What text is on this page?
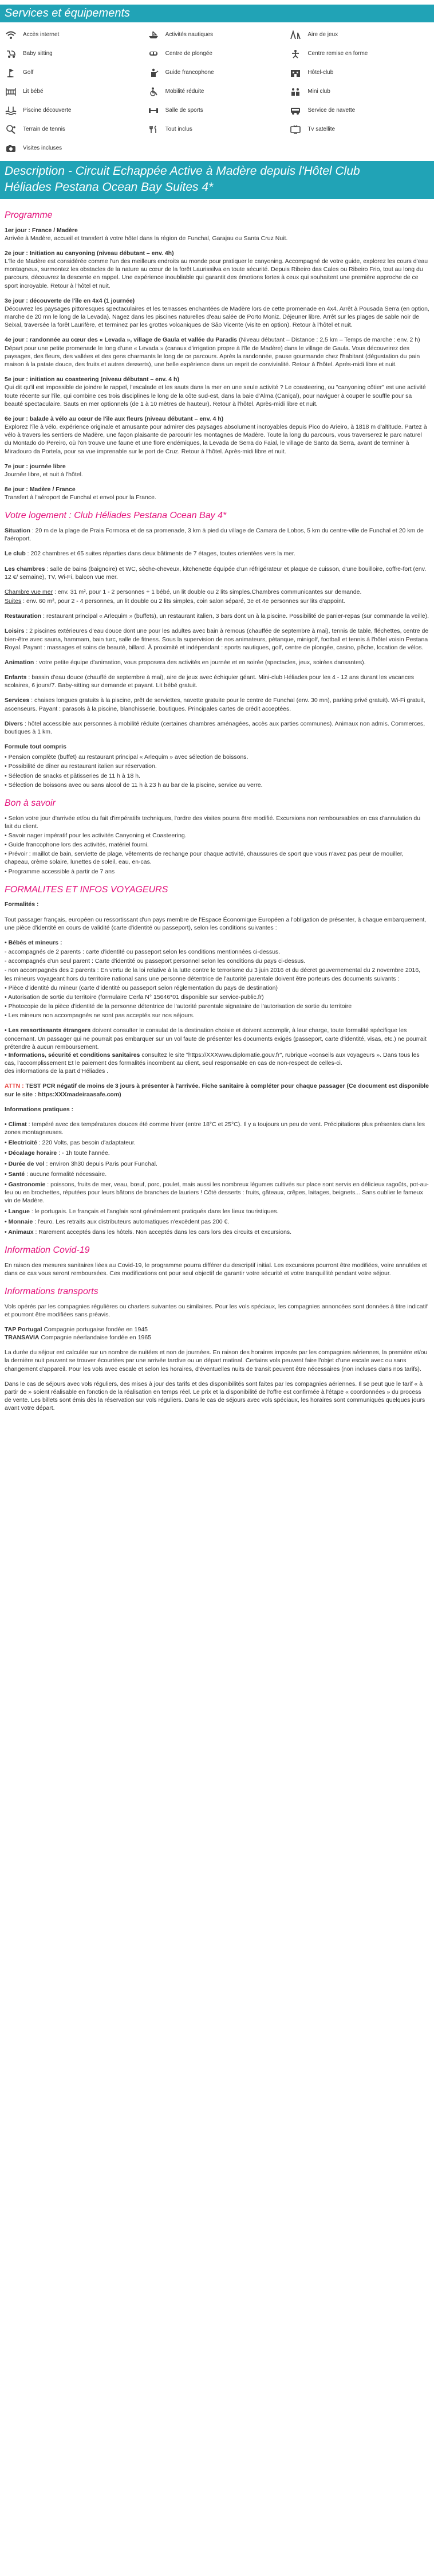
Services et équipements
Accès internet	Activités nautiques	Aire de jeux
Baby sitting	Centre de plongée	Centre remise en forme
Golf	Guide francophone	Hôtel-club
Lit bébé	Mobilité réduite	Mini club
Piscine découverte	Salle de sports	Service de navette
Terrain de tennis	Tout inclus	Tv satellite
Visites incluses
Description - Circuit Echappée Active à Madère depuis l'Hôtel Club
Héliades Pestana Ocean Bay Suites 4*
Programme

1er jour : France / Madère
Arrivée à Madère, accueil et transfert à votre hôtel dans la région de Funchal, Garajau ou Santa Cruz Nuit.

2e jour : Initiation au canyoning (niveau débutant – env. 4h)
L'île de Madère est considérée comme l'un des meilleurs endroits au monde pour pratiquer le canyoning. Accompagné de votre guide, explorez les cours d'eau montagneux, surmontez les obstacles de la nature au cœur de la forêt Laurissilva en toute sécurité. Depuis Ribeiro das Cales ou Ribeiro Frio, tout au long du parcours, découvrez la descente en rappel. Une expérience inoubliable qui garantit des émotions fortes à ceux qui souhaitent une première approche de ce sport incroyable. Retour à l'hôtel et nuit.

3e jour : découverte de l'île en 4x4 (1 journée)
Découvrez les paysages pittoresques spectaculaires et les terrasses enchantées de Madère lors de cette promenade en 4x4. Arrêt à Pousada Serra (en option, marche de 20 mn le long de la Levada). Nagez dans les piscines naturelles d'eau salée de Porto Moniz. Déjeuner libre. Arrêt sur les plages de sable noir de Seixal, traversée la forêt Laurifère, et terminez par les grottes volcaniques de São Vicente (visite en option). Retour à l'hôtel et nuit.

4e jour : randonnée au cœur des « Levada », village de Gaula et vallée du Paradis (Niveau débutant – Distance : 2,5 km – Temps de marche : env. 2 h)
Départ pour une petite promenade le long d'une « Levada » (canaux d'irrigation propre à l'île de Madère) dans le village de Gaula. Vous découvrirez des paysages, des fleurs, des vallées et des gens charmants le long de ce parcours. Après la randonnée, pause gourmande chez l'habitant (dégustation du pain maison à la patate douce, des fruits et autres desserts), une belle expérience dans un esprit de convivialité. Retour à l'hôtel. Après-midi libre et nuit.

5e jour : initiation au coasteering (niveau débutant – env. 4 h)
Qui dit qu'il est impossible de joindre le rappel, l'escalade et les sauts dans la mer en une seule activité ? Le coasteering, ou "canyoning côtier" est une activité toute récente sur l'île, qui combine ces trois disciplines le long de la côte sud-est, dans la baie d'Alma (Caniçal), pour naviguer à couper le souffle pour sa beauté spectaculaire. Sauts en mer optionnels (de 1 à 10 mètres de hauteur). Retour à l'hôtel. Après-midi libre et nuit.

6e jour : balade à vélo au cœur de l'île aux fleurs (niveau débutant – env. 4 h)
Explorez l'île à vélo, expérience originale et amusante pour admirer des paysages absolument incroyables depuis Pico do Arieiro, à 1818 m d'altitude. Partez à vélo à travers les sentiers de Madère, une façon plaisante de parcourir les montagnes de Madère. Toute la long du parcours, vous traverserez le parc naturel du Montado do Pereiro, où l'on trouve une faune et une flore endémiques, la Levada de Serra do Faial, le village de Santo da Serra, avant de terminer à Miradouro da Portela, pour sa vue imprenable sur le port de Cruz. Retour à l'hôtel. Après-midi libre et nuit.

7e jour : journée libre
Journée libre, et nuit à l'hôtel.

8e jour : Madère / France
Transfert à l'aéroport de Funchal et envol pour la France.

Votre logement : Club Héliades Pestana Ocean Bay 4*

Situation : 20 m de la plage de Praia Formosa et de sa promenade, 3 km à pied du village de Camara de Lobos, 5 km du centre-ville de Funchal et 20 km de l'aéroport.

Le club : 202 chambres et 65 suites réparties dans deux bâtiments de 7 étages, toutes orientées vers la mer.

Les chambres : salle de bains (baignoire) et WC, sèche-cheveux, kitchenette équipée d'un réfrigérateur et plaque de cuisson, d'une bouilloire, coffre-fort (env. 12 €/ semaine), TV, Wi-Fi, balcon vue mer.

Chambre vue mer : env. 31 m², pour 1 - 2 personnes + 1 bébé, un lit double ou 2 lits simples.Chambres communicantes sur demande.

Suites : env. 60 m², pour 2 - 4 personnes, un lit double ou 2 lits simples, coin salon séparé, 3e et 4e personnes sur lits d'appoint.

Restauration : restaurant principal « Arlequim » (buffets), un restaurant italien, 3 bars dont un à la piscine. Possibilité de panier-repas (sur commande la veille).

Loisirs : 2 piscines extérieures d'eau douce dont une pour les adultes avec bain à remous (chauffée de septembre à mai), tennis de table, fléchettes, centre de bien-être avec sauna, hammam, bain turc, salle de fitness. Sous la supervision de nos animateurs, pétanque, minigolf, football et tennis à l'hôtel voisin Pestana Royal. Payant : massages et soins de beauté, billard. À proximité et indépendant : sports nautiques, golf, centre de plongée, casino, pêche, location de vélos.

Animation : votre petite équipe d'animation, vous proposera des activités en journée et en soirée (spectacles, jeux, soirées dansantes).

Enfants : bassin d'eau douce (chauffé de septembre à mai), aire de jeux avec échiquier géant. Mini-club Héliades pour les 4 - 12 ans durant les vacances scolaires, 6 jours/7. Baby-sitting sur demande et payant. Lit bébé gratuit.

Services : chaises longues gratuits à la piscine, prêt de serviettes, navette gratuite pour le centre de Funchal (env. 30 mn), parking privé gratuit). Wi-Fi gratuit, ascenseurs. Payant : parasols à la piscine, blanchisserie, boutiques. Principales cartes de crédit acceptées.

Divers : hôtel accessible aux personnes à mobilité réduite (certaines chambres aménagées, accès aux parties communes). Animaux non admis. Commerces, boutiques à 1 km.

Formule tout compris

• Pension complète (buffet) au restaurant principal « Arlequim » avec sélection de boissons.
• Possibilité de dîner au restaurant italien sur réservation.
• Sélection de snacks et pâtisseries de 11 h à 18 h.
• Sélection de boissons avec ou sans alcool de 11 h à 23 h au bar de la piscine, service au verre.
Bon à savoir
• Selon votre jour d'arrivée et/ou du fait d'impératifs techniques, l'ordre des visites pourra être modifié. Excursions non remboursables en cas d'annulation du fait du client.
• Savoir nager impératif pour les activités Canyoning et Coasteering.
• Guide francophone lors des activités, matériel fourni.
• Prévoir : maillot de bain, serviette de plage, vêtements de rechange pour chaque activité, chaussures de sport que vous n'avez pas peur de mouiller, chapeau, crème solaire, lunettes de soleil, eau, en-cas.
• Programme accessible à partir de 7 ans
FORMALITES ET INFOS VOYAGEURS

Formalités :

Tout passager français, européen ou ressortissant d'un pays membre de l'Espace Économique Européen a l'obligation de présenter, à chaque embarquement, une pièce d'identité en cours de validité (carte d'identité ou passeport), selon les conditions suivantes :

• Bébés et mineurs :

- accompagnés de 2 parents : carte d'identité ou passeport selon les conditions mentionnées ci-dessus.
- accompagnés d'un seul parent : Carte d'identité ou passeport personnel selon les conditions du pays ci-dessus.
- non accompagnés des 2 parents : En vertu de la loi relative à la lutte contre le terrorisme du 3 juin 2016 et du décret gouvernemental du 2 novembre 2016, les mineurs voyageant hors du territoire national sans une personne détentrice de l'autorité parentale doivent être porteurs des documents suivants :
• Pièce d'identité du mineur (carte d'identité ou passeport selon réglementation du pays de destination)
• Autorisation de sortie du territoire (formulaire Cerfa N° 15646*01 disponible sur service-public.fr)
• Photocopie de la pièce d'identité de la personne détentrice de l'autorité parentale signataire de l'autorisation de sortie du territoire
• Les mineurs non accompagnés ne sont pas acceptés sur nos séjours.

• Les ressortissants étrangers doivent consulter le consulat de la destination choisie et doivent accomplir, à leur charge, toute formalité spécifique les concernant. Un passager qui ne pourrait pas embarquer sur un vol faute de présenter les documents exigés (passeport, carte d'identité, visas, etc.) ne pourrait prétendre à aucun remboursement.
• Informations, sécurité et conditions sanitaires consultez le site "https://XXXwww.diplomatie.gouv.fr", rubrique «conseils aux voyageurs ». Dans tous les cas, l'accomplissement Et le paiement des formalités incombent au client, seul responsable en cas de non-respect de celles-ci.
des informations de la part d'Héliades .

ATTN : TEST PCR négatif de moins de 3 jours à présenter à l'arrivée. Fiche sanitaire à compléter pour chaque passager (Ce document est disponible sur le site : https:XXXmadeiraasafe.com)

Informations pratiques :

• Climat : tempéré avec des températures douces été comme hiver (entre 18°C et 25°C). Il y a toujours un peu de vent. Précipitations plus présentes dans les zones montagneuses.

• Electricité : 220 Volts, pas besoin d'adaptateur.

• Décalage horaire : - 1h toute l'année.

• Durée de vol : environ 3h30 depuis Paris pour Funchal.

• Santé : aucune formalité nécessaire.

• Gastronomie : poissons, fruits de mer, veau, bœuf, porc, poulet, mais aussi les nombreux légumes cultivés sur place sont servis en délicieux ragoûts, pot-au-feu ou en brochettes, réputées pour leurs bâtons de branches de lauriers ! Côté desserts : fruits, gâteaux, crêpes, laitages, beignets... Sans oublier le fameux vin de Madère.

• Langue : le portugais. Le français et l'anglais sont généralement pratiqués dans les lieux touristiques.

• Monnaie : l'euro. Les retraits aux distributeurs automatiques n'excèdent pas 200 €.

• Animaux : Rarement acceptés dans les hôtels. Non acceptés dans les cars lors des circuits et excursions.

Information Covid-19

En raison des mesures sanitaires liées au Covid-19, le programme pourra différer du descriptif initial. Les excursions pourront être modifiées, voire annulées et dans ce cas vous seront remboursées. Ces modifications ont pour seul objectif de garantir votre sécurité et votre tranquillité pendant votre séjour.

Informations transports

Vols opérés par les compagnies régulières ou charters suivantes ou similaires. Pour les vols spéciaux, les compagnies annoncées sont données à titre indicatif et pourront être modifiées sans préavis.

TAP Portugal Compagnie portugaise fondée en 1945
TRANSAVIA Compagnie néerlandaise fondée en 1965

La durée du séjour est calculée sur un nombre de nuitées et non de journées. En raison des horaires imposés par les compagnies aériennes, la première et/ou la dernière nuit peuvent se trouver écourtées par une arrivée tardive ou un départ matinal. Certains vols peuvent faire l'objet d'une escale avec ou sans changement d'appareil. Pour les vols avec escale et selon les horaires, d'éventuelles nuits de transit peuvent être nécessaires (non incluses dans nos tarifs).

Dans le cas de séjours avec vols réguliers, des mises à jour des tarifs et des disponibilités sont faites par les compagnies aériennes. Il se peut que le tarif « à partir de » soient réalisable en fonction de la réalisation en temps réel. Le prix et la disponibilité de l'offre est confirmée à l'étape « coordonnées » du process de vente. Les billets sont émis dès la réservation sur vols réguliers. Dans le cas de séjours avec vols spéciaux, les horaires sont communiqués quelques jours avant votre départ.
